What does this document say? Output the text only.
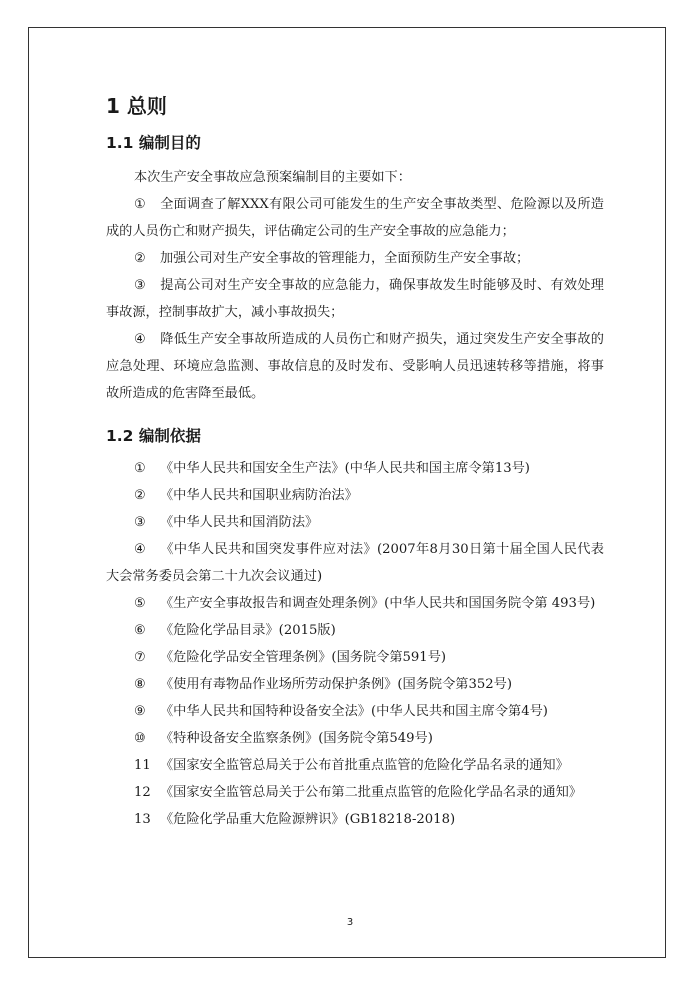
1 总则
1.1 编制目的

本次生产安全事故应急预案编制目的主要如下：

① 全面调查了解XXX有限公司可能发生的生产安全事故类型、危险源以及所造成的人员伤亡和财产损失，评估确定公司的生产安全事故的应急能力；

② 加强公司对生产安全事故的管理能力，全面预防生产安全事故；

③ 提高公司对生产安全事故的应急能力，确保事故发生时能够及时、有效处理事故源，控制事故扩大，减小事故损失；

④ 降低生产安全事故所造成的人员伤亡和财产损失，通过突发生产安全事故的应急处理、环境应急监测、事故信息的及时发布、受影响人员迅速转移等措施，将事故所造成的危害降至最低。

1.2 编制依据

① 《中华人民共和国安全生产法》(中华人民共和国主席令第13号)

② 《中华人民共和国职业病防治法》

③ 《中华人民共和国消防法》

④ 《中华人民共和国突发事件应对法》(2007年8月30日第十届全国人民代表大会常务委员会第二十九次会议通过)

⑤ 《生产安全事故报告和调查处理条例》(中华人民共和国国务院令第 493号)

⑥ 《危险化学品目录》(2015版)

⑦ 《危险化学品安全管理条例》(国务院令第591号)

⑧ 《使用有毒物品作业场所劳动保护条例》(国务院令第352号)

⑨ 《中华人民共和国特种设备安全法》(中华人民共和国主席令第4号)

⑩ 《特种设备安全监察条例》(国务院令第549号)

11 《国家安全监管总局关于公布首批重点监管的危险化学品名录的通知》

12 《国家安全监管总局关于公布第二批重点监管的危险化学品名录的通知》

13 《危险化学品重大危险源辨识》(GB18218-2018)

3
